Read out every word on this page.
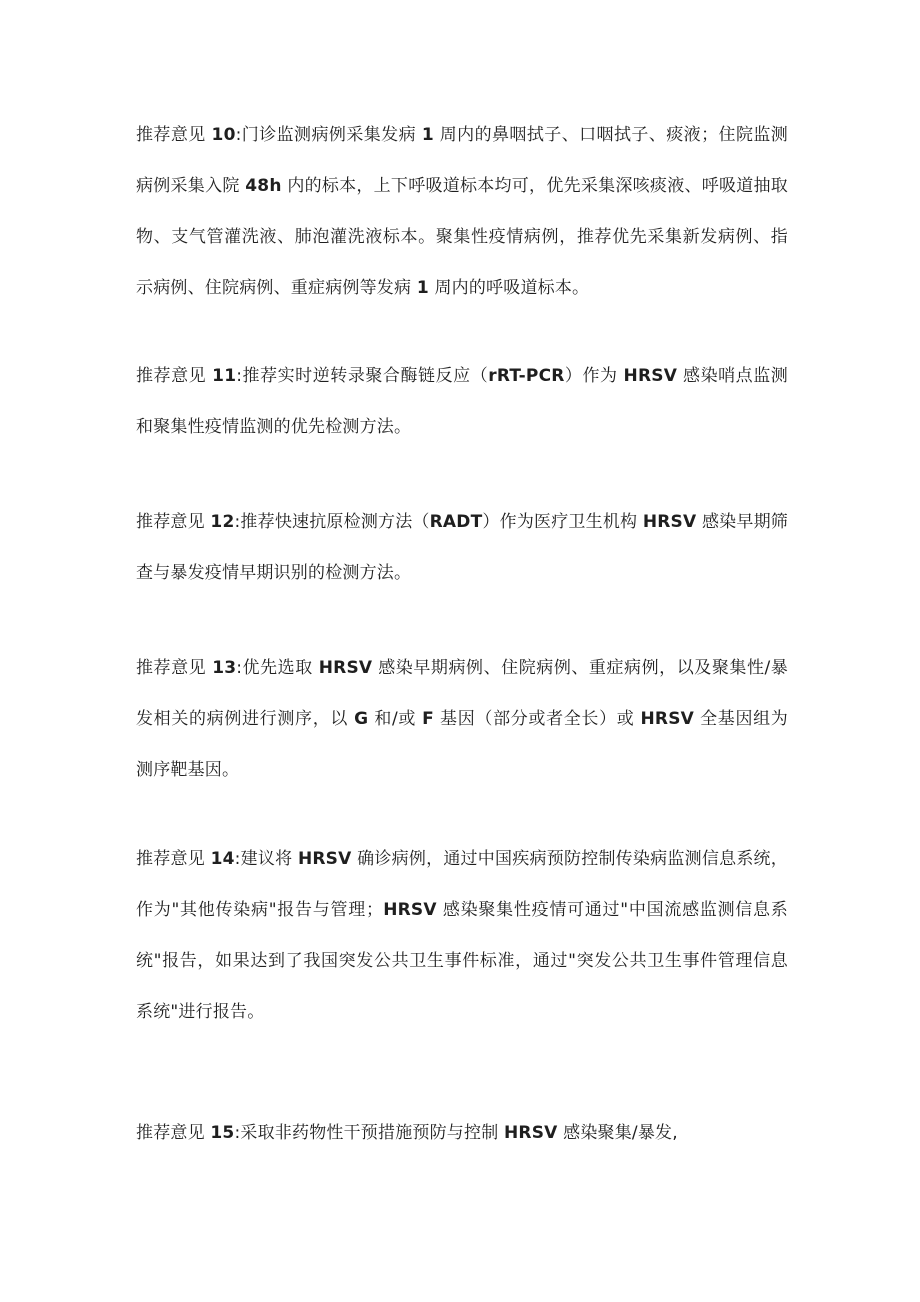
推荐意见 10:门诊监测病例采集发病 1 周内的鼻咽拭子、口咽拭子、痰液；住院监测病例采集入院 48h 内的标本，上下呼吸道标本均可，优先采集深咳痰液、呼吸道抽取物、支气管灌洗液、肺泡灌洗液标本。聚集性疫情病例，推荐优先采集新发病例、指示病例、住院病例、重症病例等发病 1 周内的呼吸道标本。

推荐意见 11:推荐实时逆转录聚合酶链反应（rRT-PCR）作为 HRSV 感染哨点监测和聚集性疫情监测的优先检测方法。

推荐意见 12:推荐快速抗原检测方法（RADT）作为医疗卫生机构 HRSV 感染早期筛查与暴发疫情早期识别的检测方法。

推荐意见 13:优先选取 HRSV 感染早期病例、住院病例、重症病例，以及聚集性/暴发相关的病例进行测序，以 G 和/或 F 基因（部分或者全长）或 HRSV 全基因组为测序靶基因。

推荐意见 14:建议将 HRSV 确诊病例，通过中国疾病预防控制传染病监测信息系统，作为"其他传染病"报告与管理；HRSV 感染聚集性疫情可通过"中国流感监测信息系统"报告，如果达到了我国突发公共卫生事件标准，通过"突发公共卫生事件管理信息系统"进行报告。

推荐意见 15:采取非药物性干预措施预防与控制 HRSV 感染聚集/暴发,
